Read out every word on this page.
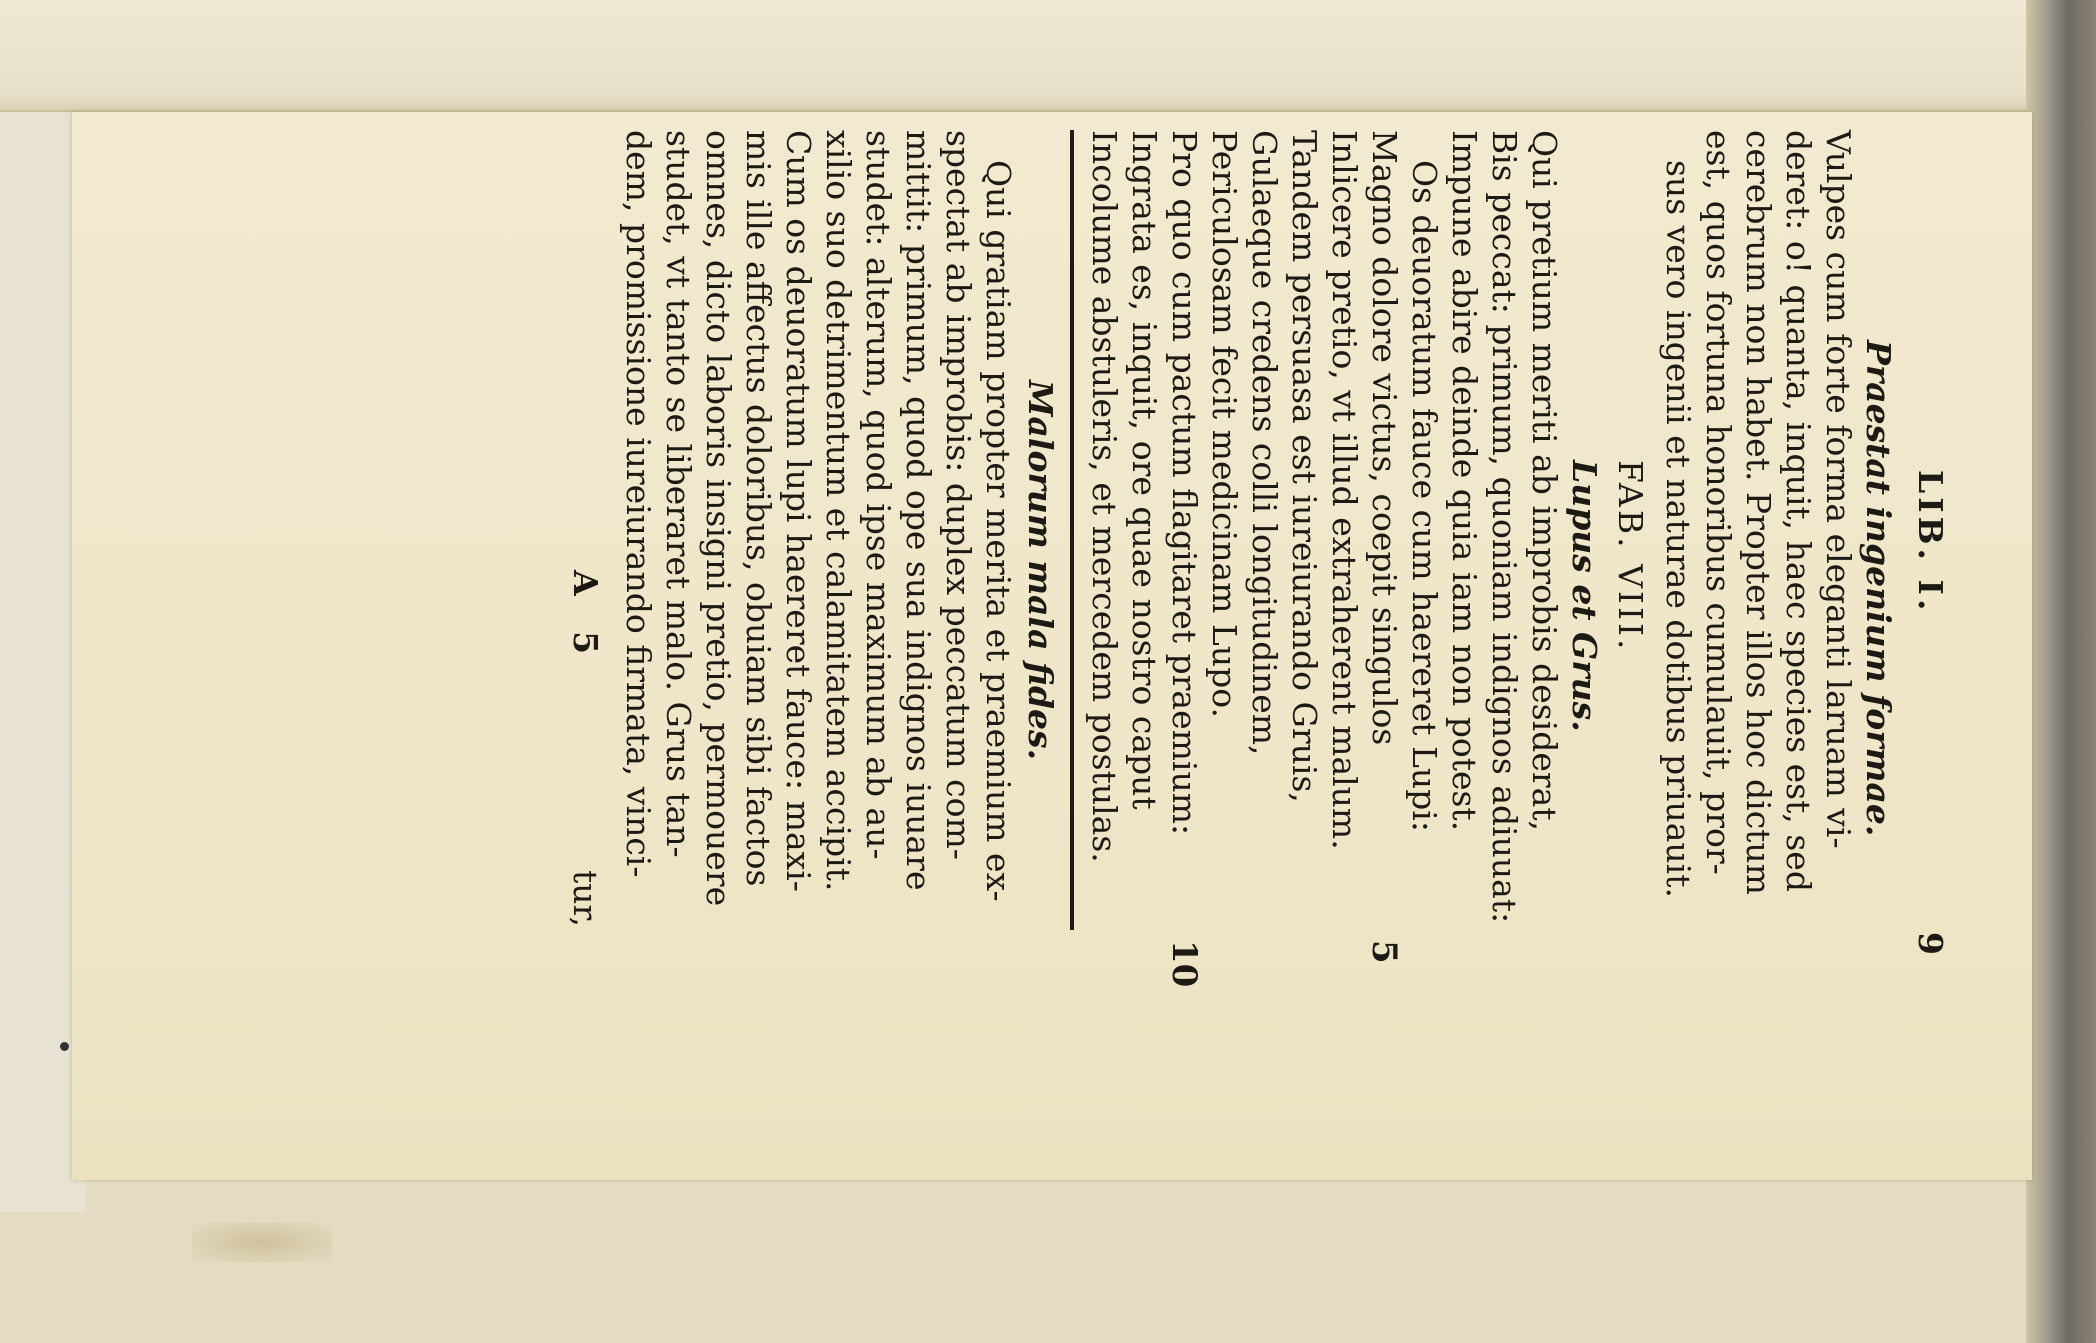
LIB. I.
9
Praestat ingenium formae.
Vulpes cum forte forma eleganti laruam vi-
deret: o! quanta, inquit, haec species est, sed
cerebrum non habet. Propter illos hoc dictum
est, quos fortuna honoribus cumulauit, pror-
sus vero ingenii et naturae dotibus priuauit.
FAB. VIII.
Lupus et Grus.
Qui pretium meriti ab improbis desiderat,
Bis peccat: primum, quoniam indignos adiuuat:
Impune abire deinde quia iam non potest.
Os deuoratum fauce cum haereret Lupi:
Magno dolore victus, coepit singulos
5
Inlicere pretio, vt illud extraherent malum.
Tandem persuasa est iureiurando Gruis,
Gulaeque credens colli longitudinem,
Periculosam fecit medicinam Lupo.
Pro quo cum pactum flagitaret praemium:
10
Ingrata es, inquit, ore quae nostro caput
Incolume abstuleris, et mercedem postulas.
Malorum mala fides.
Qui gratiam propter merita et praemium ex-
spectat ab improbis: duplex peccatum com-
mittit: primum, quod ope sua indignos iuuare
studet: alterum, quod ipse maximum ab au-
xilio suo detrimentum et calamitatem accipit.
Cum os deuoratum lupi haereret fauce: maxi-
mis ille affectus doloribus, obuiam sibi factos
omnes, dicto laboris insigni pretio, permouere
studet, vt tanto se liberaret malo. Grus tan-
dem, promissione iureiurando firmata, vinci-
A 5
tur,
